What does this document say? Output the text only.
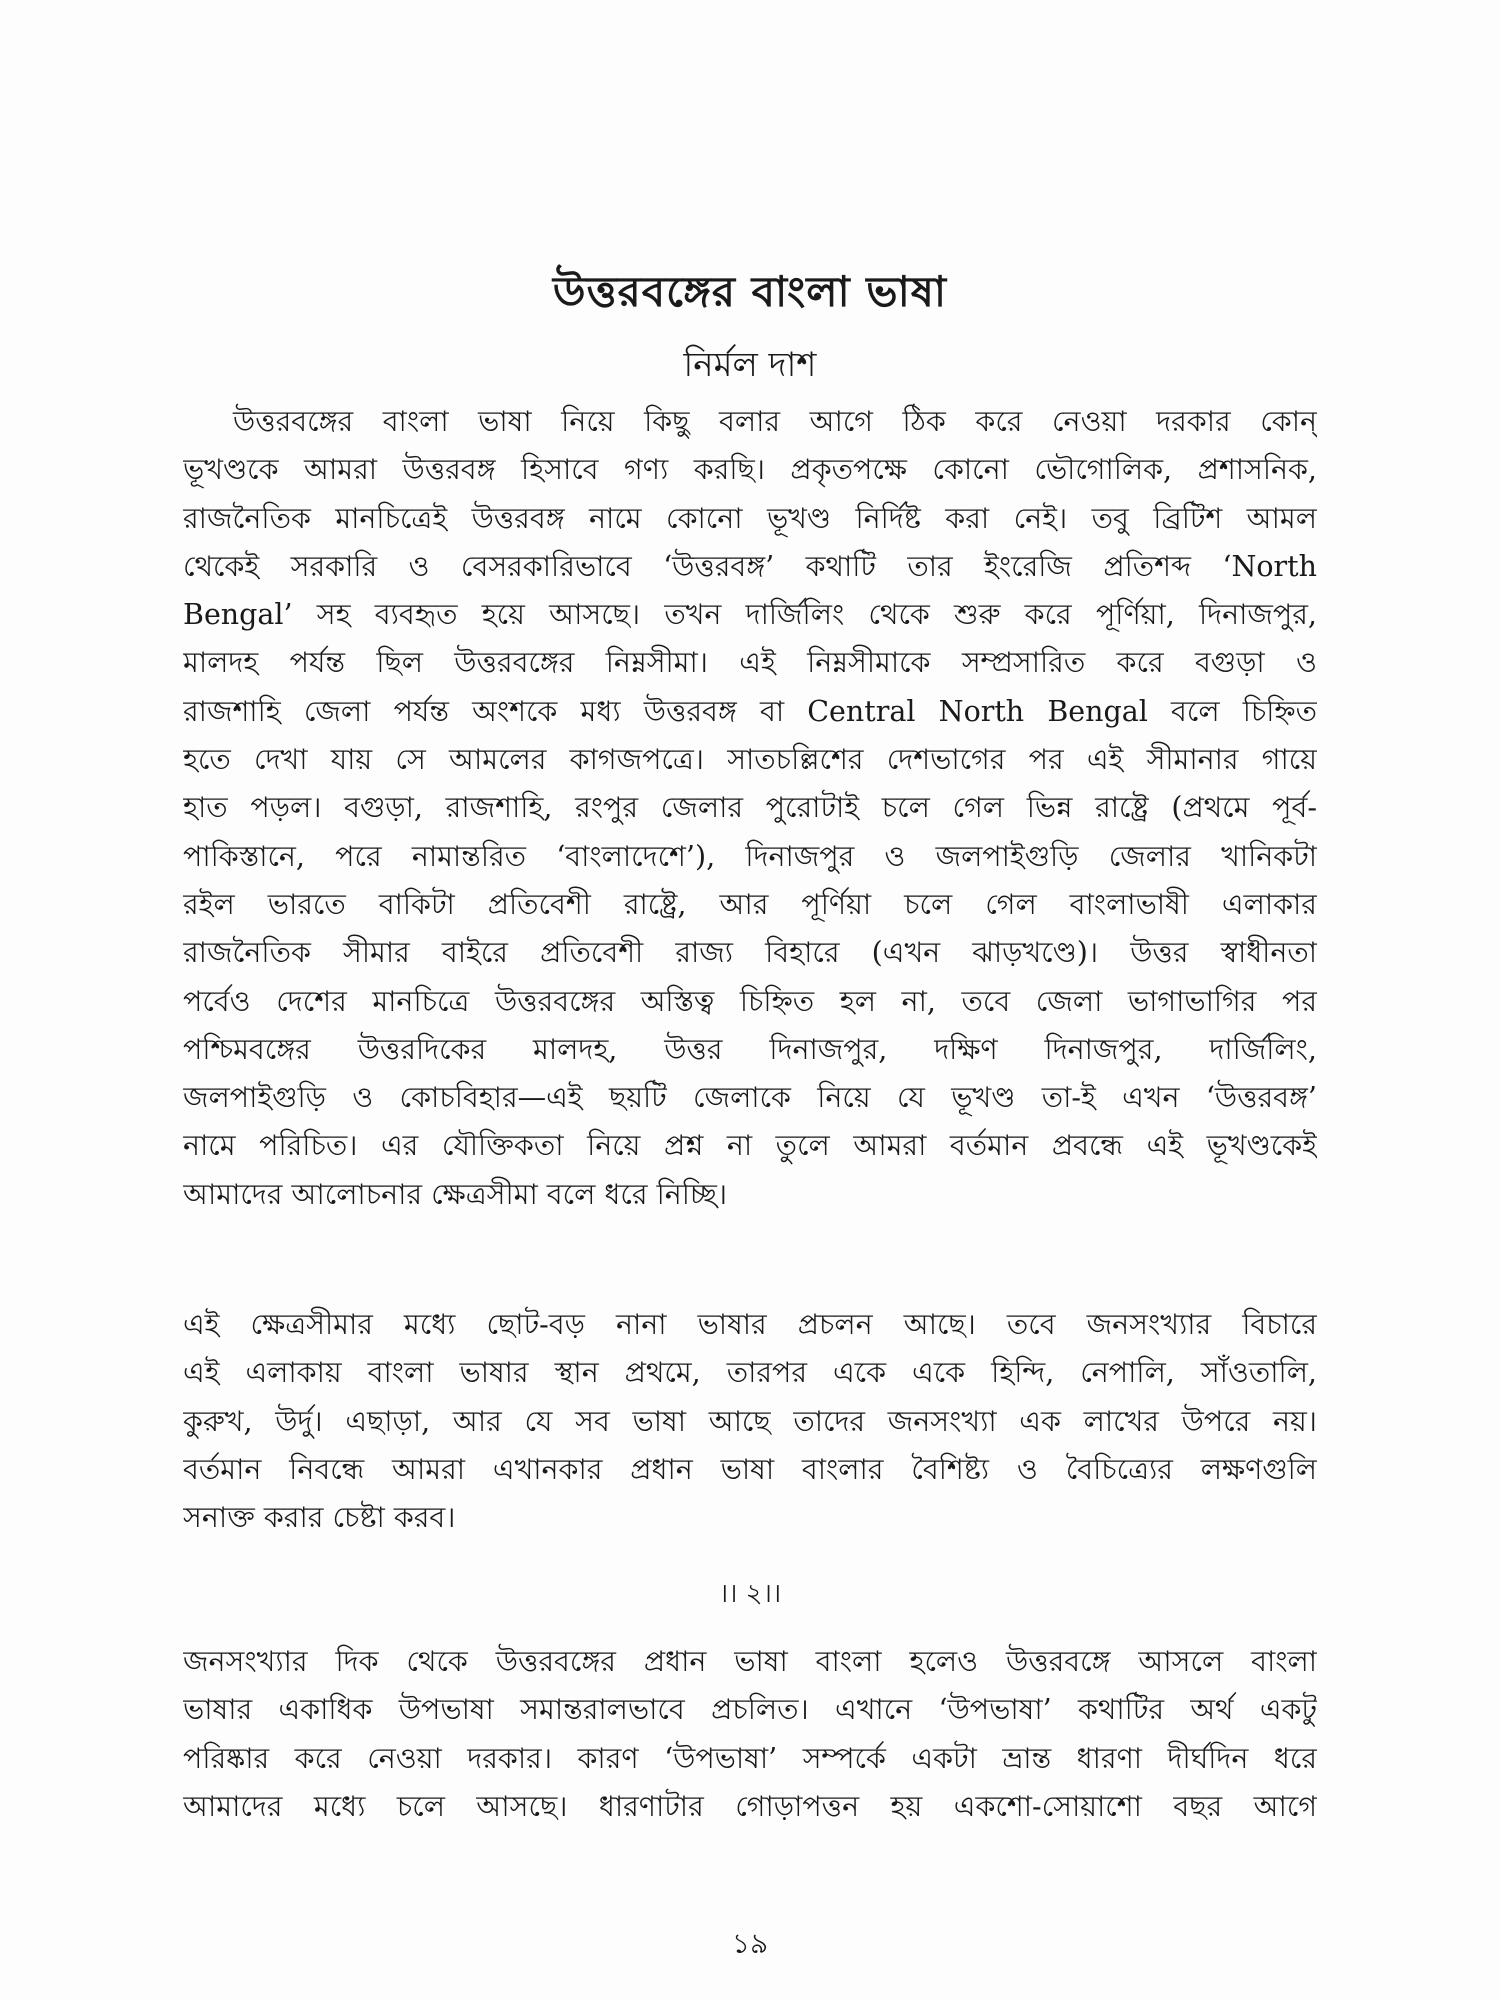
উত্তরবঙ্গের বাংলা ভাষা
নির্মল দাশ
উত্তরবঙ্গের বাংলা ভাষা নিয়ে কিছু বলার আগে ঠিক করে নেওয়া দরকার কোন্
ভূখণ্ডকে আমরা উত্তরবঙ্গ হিসাবে গণ্য করছি। প্রকৃতপক্ষে কোনো ভৌগোলিক, প্রশাসনিক,
রাজনৈতিক মানচিত্রেই উত্তরবঙ্গ নামে কোনো ভূখণ্ড নির্দিষ্ট করা নেই। তবু ব্রিটিশ আমল
থেকেই সরকারি ও বেসরকারিভাবে ‘উত্তরবঙ্গ’ কথাটি তার ইংরেজি প্রতিশব্দ ‘North
Bengal’ সহ ব্যবহৃত হয়ে আসছে। তখন দার্জিলিং থেকে শুরু করে পূর্ণিয়া, দিনাজপুর,
মালদহ পর্যন্ত ছিল উত্তরবঙ্গের নিম্নসীমা। এই নিম্নসীমাকে সম্প্রসারিত করে বগুড়া ও
রাজশাহি জেলা পর্যন্ত অংশকে মধ্য উত্তরবঙ্গ বা Central North Bengal বলে চিহ্নিত
হতে দেখা যায় সে আমলের কাগজপত্রে। সাতচল্লিশের দেশভাগের পর এই সীমানার গায়ে
হাত পড়ল। বগুড়া, রাজশাহি, রংপুর জেলার পুরোটাই চলে গেল ভিন্ন রাষ্ট্রে (প্রথমে পূর্ব-
পাকিস্তানে, পরে নামান্তরিত ‘বাংলাদেশে’), দিনাজপুর ও জলপাইগুড়ি জেলার খানিকটা
রইল ভারতে বাকিটা প্রতিবেশী রাষ্ট্রে, আর পূর্ণিয়া চলে গেল বাংলাভাষী এলাকার
রাজনৈতিক সীমার বাইরে প্রতিবেশী রাজ্য বিহারে (এখন ঝাড়খণ্ডে)। উত্তর স্বাধীনতা
পর্বেও দেশের মানচিত্রে উত্তরবঙ্গের অস্তিত্ব চিহ্নিত হল না, তবে জেলা ভাগাভাগির পর
পশ্চিমবঙ্গের উত্তরদিকের মালদহ, উত্তর দিনাজপুর, দক্ষিণ দিনাজপুর, দার্জিলিং,
জলপাইগুড়ি ও কোচবিহার—এই ছয়টি জেলাকে নিয়ে যে ভূখণ্ড তা-ই এখন ‘উত্তরবঙ্গ’
নামে পরিচিত। এর যৌক্তিকতা নিয়ে প্রশ্ন না তুলে আমরা বর্তমান প্রবন্ধে এই ভূখণ্ডকেই
আমাদের আলোচনার ক্ষেত্রসীমা বলে ধরে নিচ্ছি।
এই ক্ষেত্রসীমার মধ্যে ছোট-বড় নানা ভাষার প্রচলন আছে। তবে জনসংখ্যার বিচারে
এই এলাকায় বাংলা ভাষার স্থান প্রথমে, তারপর একে একে হিন্দি, নেপালি, সাঁওতালি,
কুরুখ, উর্দু। এছাড়া, আর যে সব ভাষা আছে তাদের জনসংখ্যা এক লাখের উপরে নয়।
বর্তমান নিবন্ধে আমরা এখানকার প্রধান ভাষা বাংলার বৈশিষ্ট্য ও বৈচিত্র্যের লক্ষণগুলি
সনাক্ত করার চেষ্টা করব।
।। ২।।
জনসংখ্যার দিক থেকে উত্তরবঙ্গের প্রধান ভাষা বাংলা হলেও উত্তরবঙ্গে আসলে বাংলা
ভাষার একাধিক উপভাষা সমান্তরালভাবে প্রচলিত। এখানে ‘উপভাষা’ কথাটির অর্থ একটু
পরিষ্কার করে নেওয়া দরকার। কারণ ‘উপভাষা’ সম্পর্কে একটা ভ্রান্ত ধারণা দীর্ঘদিন ধরে
আমাদের মধ্যে চলে আসছে। ধারণাটার গোড়াপত্তন হয় একশো-সোয়াশো বছর আগে
১৯
